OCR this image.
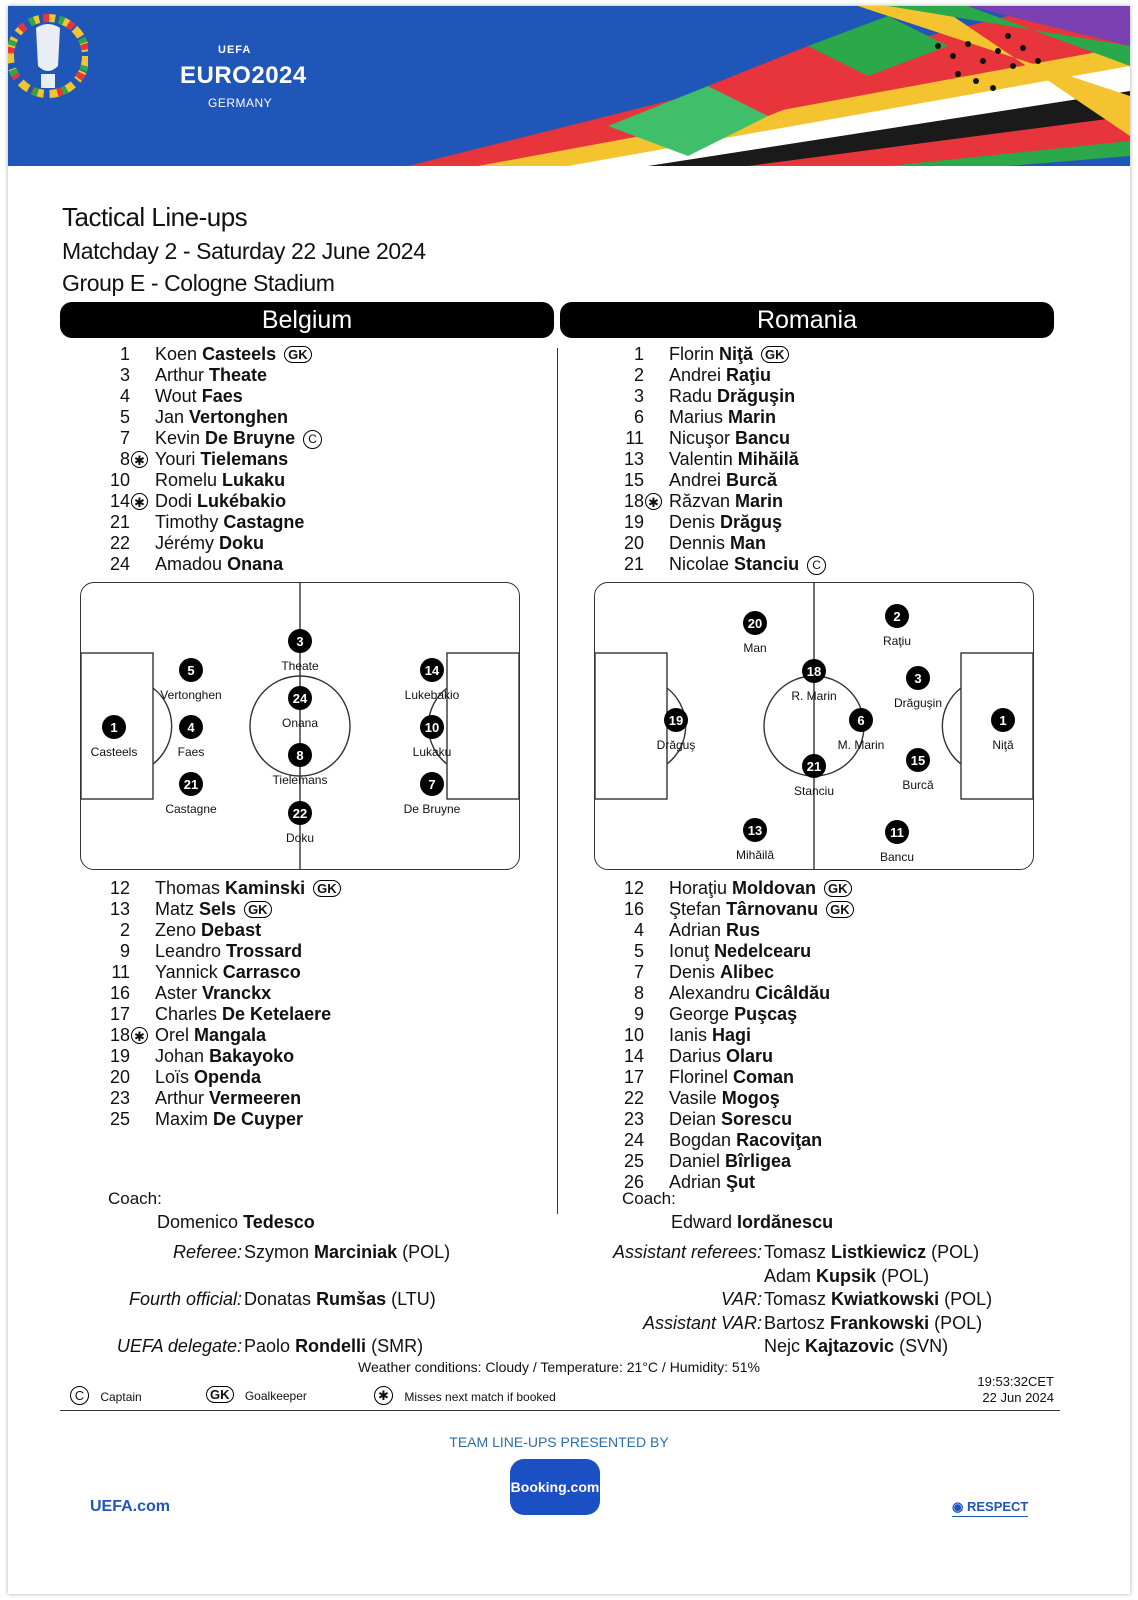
UEFA
EURO2024
GERMANY
Tactical Line-ups
Matchday 2 - Saturday 22 June 2024
Group E - Cologne Stadium
Belgium	Romania
1 Koen Casteels GK
3 Arthur Theate
4 Wout Faes
5 Jan Vertonghen
7 Kevin De Bruyne C
8 ✱ Youri Tielemans
10 Romelu Lukaku
14 ✱ Dodi Lukébakio
21 Timothy Castagne
22 Jérémy Doku
24 Amadou Onana
1 Florin Niţă GK
2 Andrei Raţiu
3 Radu Drăguşin
6 Marius Marin
11 Nicuşor Bancu
13 Valentin Mihăilă
15 Andrei Burcă
18 ✱ Răzvan Marin
19 Denis Drăguş
20 Dennis Man
21 Nicolae Stanciu C
1
Casteels
5
Vertonghen
4
Faes
21
Castagne
3
Theate
24
Onana
8
Tielemans
22
Doku
14
Lukebakio
10
Lukaku
7
De Bruyne
20
Man
2
Raţiu
18
R. Marin
3
Drăguşin
19
Drăguş
6
M. Marin
1
Niţă
21
Stanciu
15
Burcă
13
Mihăilă
11
Bancu
12 Thomas Kaminski GK
13 Matz Sels GK
2 Zeno Debast
9 Leandro Trossard
11 Yannick Carrasco
16 Aster Vranckx
17 Charles De Ketelaere
18 ✱ Orel Mangala
19 Johan Bakayoko
20 Loïs Openda
23 Arthur Vermeeren
25 Maxim De Cuyper
12 Horaţiu Moldovan GK
16 Ştefan Târnovanu GK
4 Adrian Rus
5 Ionuţ Nedelcearu
7 Denis Alibec
8 Alexandru Cicâldău
9 George Puşcaş
10 Ianis Hagi
14 Darius Olaru
17 Florinel Coman
22 Vasile Mogoş
23 Deian Sorescu
24 Bogdan Racoviţan
25 Daniel Bîrligea
26 Adrian Şut
Coach:
Domenico Tedesco
Coach:
Edward Iordănescu
Referee: Szymon Marciniak (POL)
Fourth official: Donatas Rumšas (LTU)
UEFA delegate: Paolo Rondelli (SMR)
Assistant referees: Tomasz Listkiewicz (POL)
Adam Kupsik (POL)
VAR: Tomasz Kwiatkowski (POL)
Assistant VAR: Bartosz Frankowski (POL)
Nejc Kajtazovic (SVN)
Weather conditions: Cloudy / Temperature: 21°C / Humidity: 51%
19:53:32CET
22 Jun 2024
C Captain	GK Goalkeeper	✱ Misses next match if booked
TEAM LINE-UPS PRESENTED BY
Booking.com
UEFA.com	◉ RESPECT
